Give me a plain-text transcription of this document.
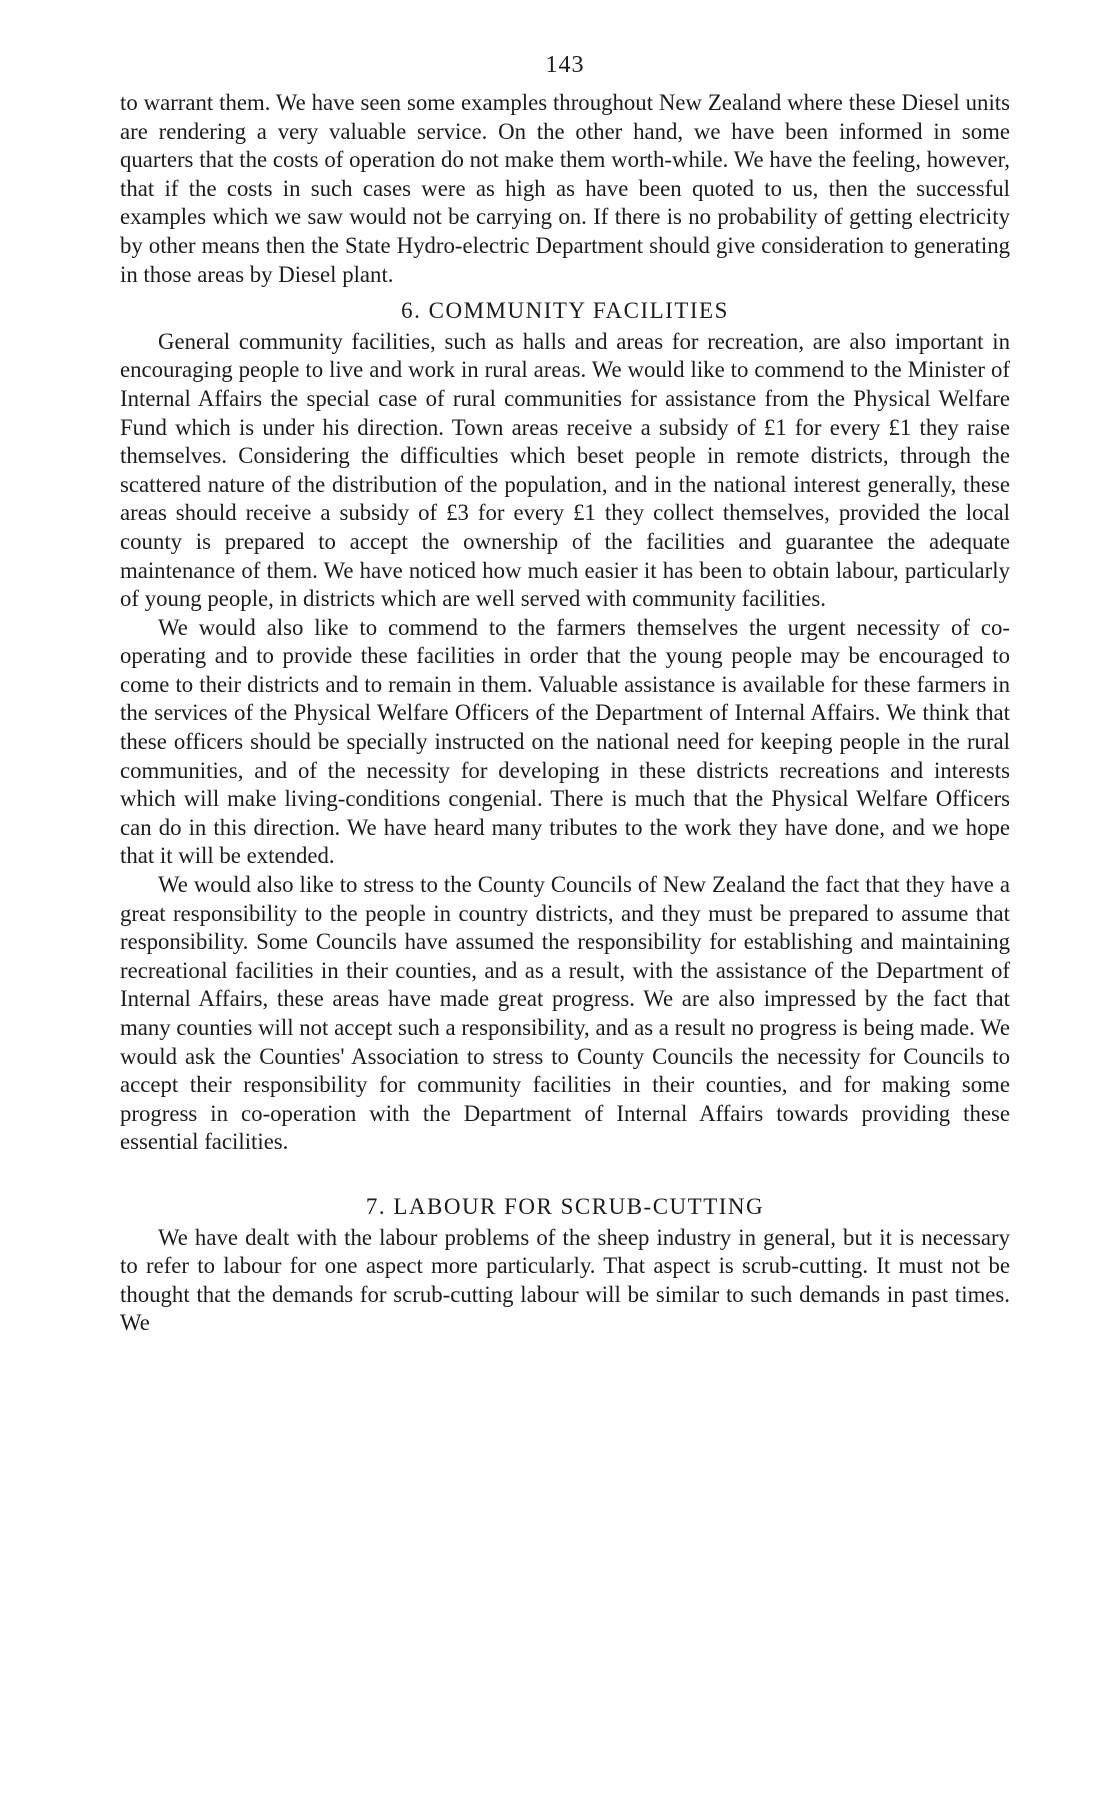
143

to warrant them. We have seen some examples throughout New Zealand where these Diesel units are rendering a very valuable service. On the other hand, we have been informed in some quarters that the costs of operation do not make them worth-while. We have the feeling, however, that if the costs in such cases were as high as have been quoted to us, then the successful examples which we saw would not be carrying on. If there is no probability of getting electricity by other means then the State Hydro-electric Department should give consideration to generating in those areas by Diesel plant.

6. COMMUNITY FACILITIES

General community facilities, such as halls and areas for recreation, are also important in encouraging people to live and work in rural areas. We would like to commend to the Minister of Internal Affairs the special case of rural communities for assistance from the Physical Welfare Fund which is under his direction. Town areas receive a subsidy of £1 for every £1 they raise themselves. Considering the difficulties which beset people in remote districts, through the scattered nature of the distribution of the population, and in the national interest generally, these areas should receive a subsidy of £3 for every £1 they collect themselves, provided the local county is prepared to accept the ownership of the facilities and guarantee the adequate maintenance of them. We have noticed how much easier it has been to obtain labour, particularly of young people, in districts which are well served with community facilities.

We would also like to commend to the farmers themselves the urgent necessity of co-operating and to provide these facilities in order that the young people may be encouraged to come to their districts and to remain in them. Valuable assistance is available for these farmers in the services of the Physical Welfare Officers of the Department of Internal Affairs. We think that these officers should be specially instructed on the national need for keeping people in the rural communities, and of the necessity for developing in these districts recreations and interests which will make living-conditions congenial. There is much that the Physical Welfare Officers can do in this direction. We have heard many tributes to the work they have done, and we hope that it will be extended.

We would also like to stress to the County Councils of New Zealand the fact that they have a great responsibility to the people in country districts, and they must be prepared to assume that responsibility. Some Councils have assumed the responsibility for establishing and maintaining recreational facilities in their counties, and as a result, with the assistance of the Department of Internal Affairs, these areas have made great progress. We are also impressed by the fact that many counties will not accept such a responsibility, and as a result no progress is being made. We would ask the Counties' Association to stress to County Councils the necessity for Councils to accept their responsibility for community facilities in their counties, and for making some progress in co-operation with the Department of Internal Affairs towards providing these essential facilities.

7. LABOUR FOR SCRUB-CUTTING

We have dealt with the labour problems of the sheep industry in general, but it is necessary to refer to labour for one aspect more particularly. That aspect is scrub-cutting. It must not be thought that the demands for scrub-cutting labour will be similar to such demands in past times. We
